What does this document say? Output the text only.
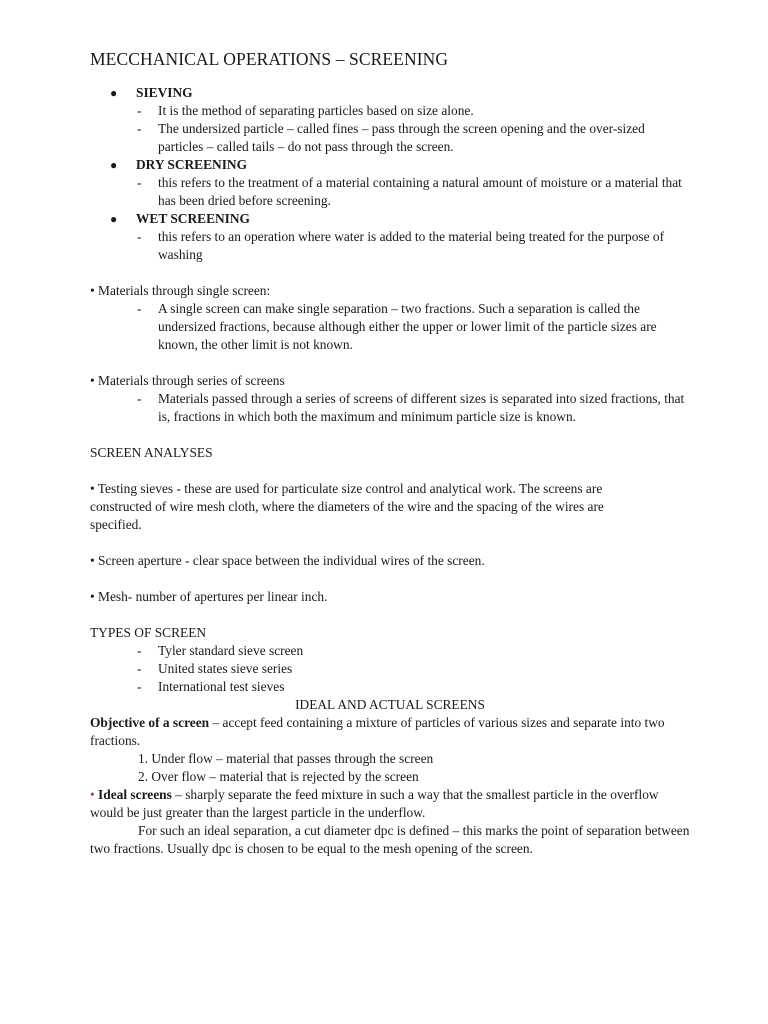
MECCHANICAL OPERATIONS – SCREENING
●	SIEVING
-	It is the method of separating particles based on size alone.
-	The undersized particle – called fines – pass through the screen opening and the over-sized particles – called tails – do not pass through the screen.
●	DRY SCREENING
-	this refers to the treatment of a material containing a natural amount of moisture or a material that has been dried before screening.
●	WET SCREENING
-	this refers to an operation where water is added to the material being treated for the purpose of washing
• Materials through single screen:
-	A single screen can make single separation – two fractions. Such a separation is called the undersized fractions, because although either the upper or lower limit of the particle sizes are known, the other limit is not known.
• Materials through series of screens
-	Materials passed through a series of screens of different sizes is separated into sized fractions, that is, fractions in which both the maximum and minimum particle size is known.
SCREEN ANALYSES
• Testing sieves - these are used for particulate size control and analytical work. The screens are constructed of wire mesh cloth, where the diameters of the wire and the spacing of the wires are specified.
• Screen aperture - clear space between the individual wires of the screen.
• Mesh- number of apertures per linear inch.
TYPES OF SCREEN
-	Tyler standard sieve screen
-	United states sieve series
-	International test sieves
IDEAL AND ACTUAL SCREENS
Objective of a screen – accept feed containing a mixture of particles of various sizes and separate into two fractions.
1. Under flow – material that passes through the screen
2. Over flow – material that is rejected by the screen
• Ideal screens – sharply separate the feed mixture in such a way that the smallest particle in the overflow would be just greater than the largest particle in the underflow.
For such an ideal separation, a cut diameter dpc is defined – this marks the point of separation between two fractions. Usually dpc is chosen to be equal to the mesh opening of the screen.
